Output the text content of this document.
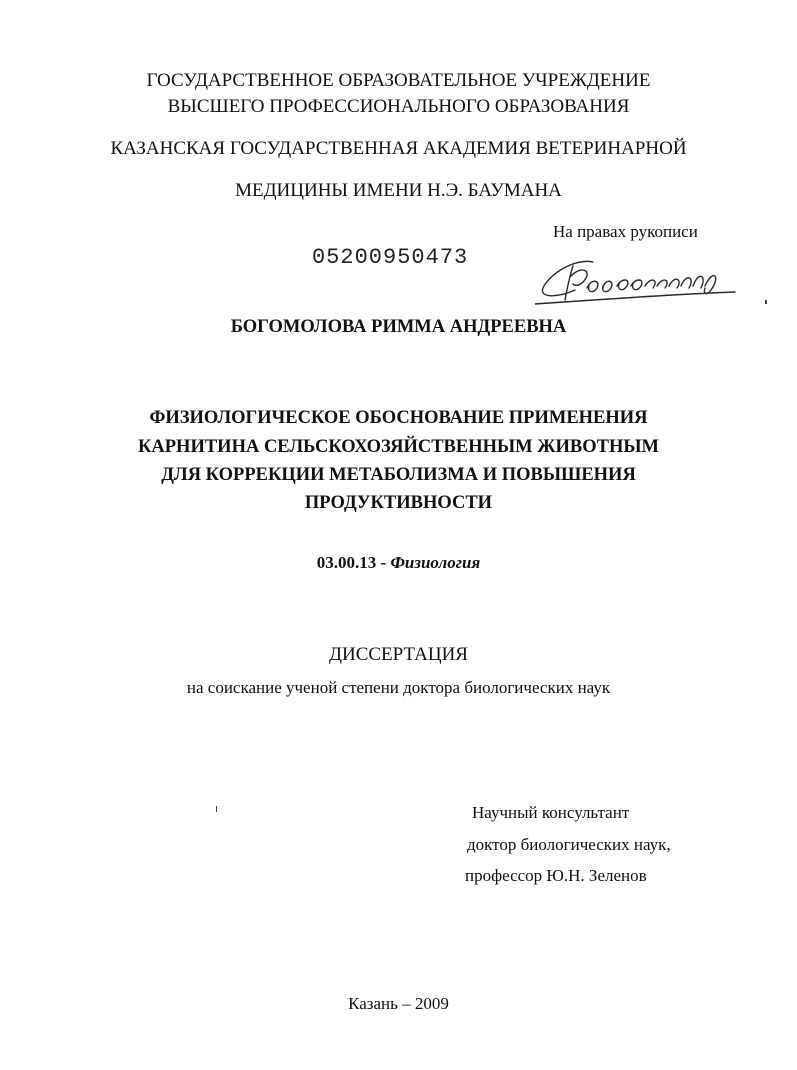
ГОСУДАРСТВЕННОЕ ОБРАЗОВАТЕЛЬНОЕ УЧРЕЖДЕНИЕ
ВЫСШЕГО ПРОФЕССИОНАЛЬНОГО ОБРАЗОВАНИЯ
КАЗАНСКАЯ ГОСУДАРСТВЕННАЯ АКАДЕМИЯ ВЕТЕРИНАРНОЙ
МЕДИЦИНЫ ИМЕНИ Н.Э. БАУМАНА
На правах рукописи
05200950473
БОГОМОЛОВА РИММА АНДРЕЕВНА
ФИЗИОЛОГИЧЕСКОЕ ОБОСНОВАНИЕ ПРИМЕНЕНИЯ
КАРНИТИНА СЕЛЬСКОХОЗЯЙСТВЕННЫМ ЖИВОТНЫМ
ДЛЯ КОРРЕКЦИИ МЕТАБОЛИЗМА И ПОВЫШЕНИЯ
ПРОДУКТИВНОСТИ
03.00.13 - Физиология
ДИССЕРТАЦИЯ
на соискание ученой степени доктора биологических наук
Научный консультант
доктор биологических наук,
профессор Ю.Н. Зеленов
Казань – 2009
